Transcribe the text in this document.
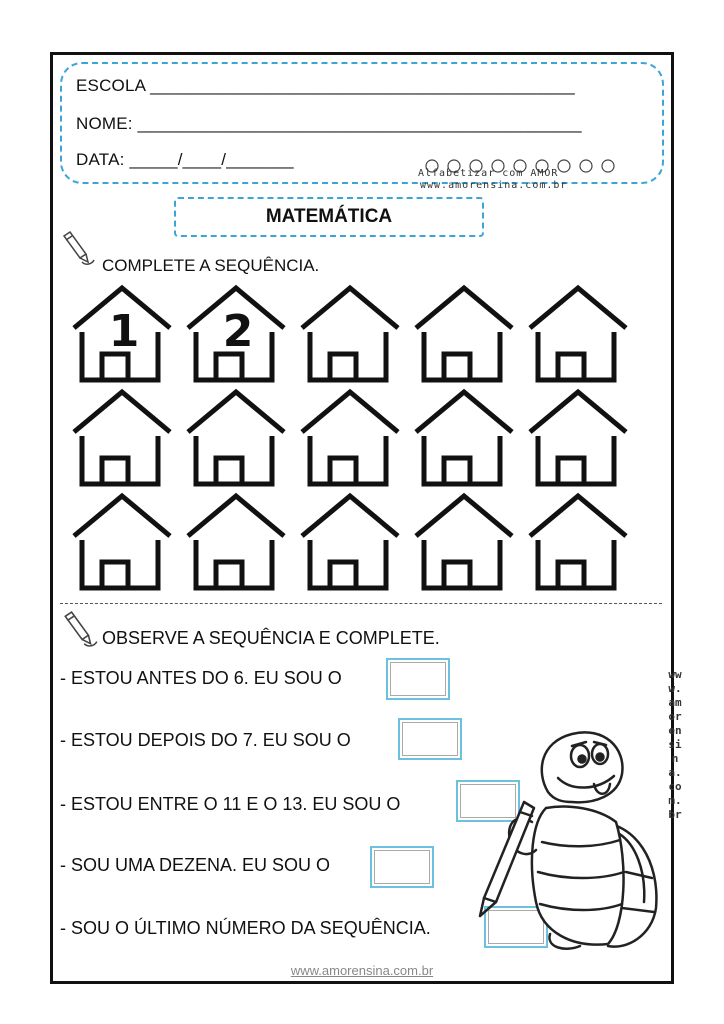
ESCOLA ____________________________________________
NOME: ______________________________________________
DATA: _____/____/_______
Alfabetizar com AMOR
www.amorensina.com.br
MATEMÁTICA
COMPLETE A SEQUÊNCIA.
1 2
OBSERVE A SEQUÊNCIA E COMPLETE.
- ESTOU ANTES DO 6. EU SOU O
- ESTOU DEPOIS DO 7. EU SOU O
- ESTOU ENTRE O 11 E O 13. EU SOU O
- SOU UMA DEZENA. EU SOU O
- SOU O ÚLTIMO NÚMERO DA SEQUÊNCIA.
www.amorensina.com.br
www.amorensina.com.br
